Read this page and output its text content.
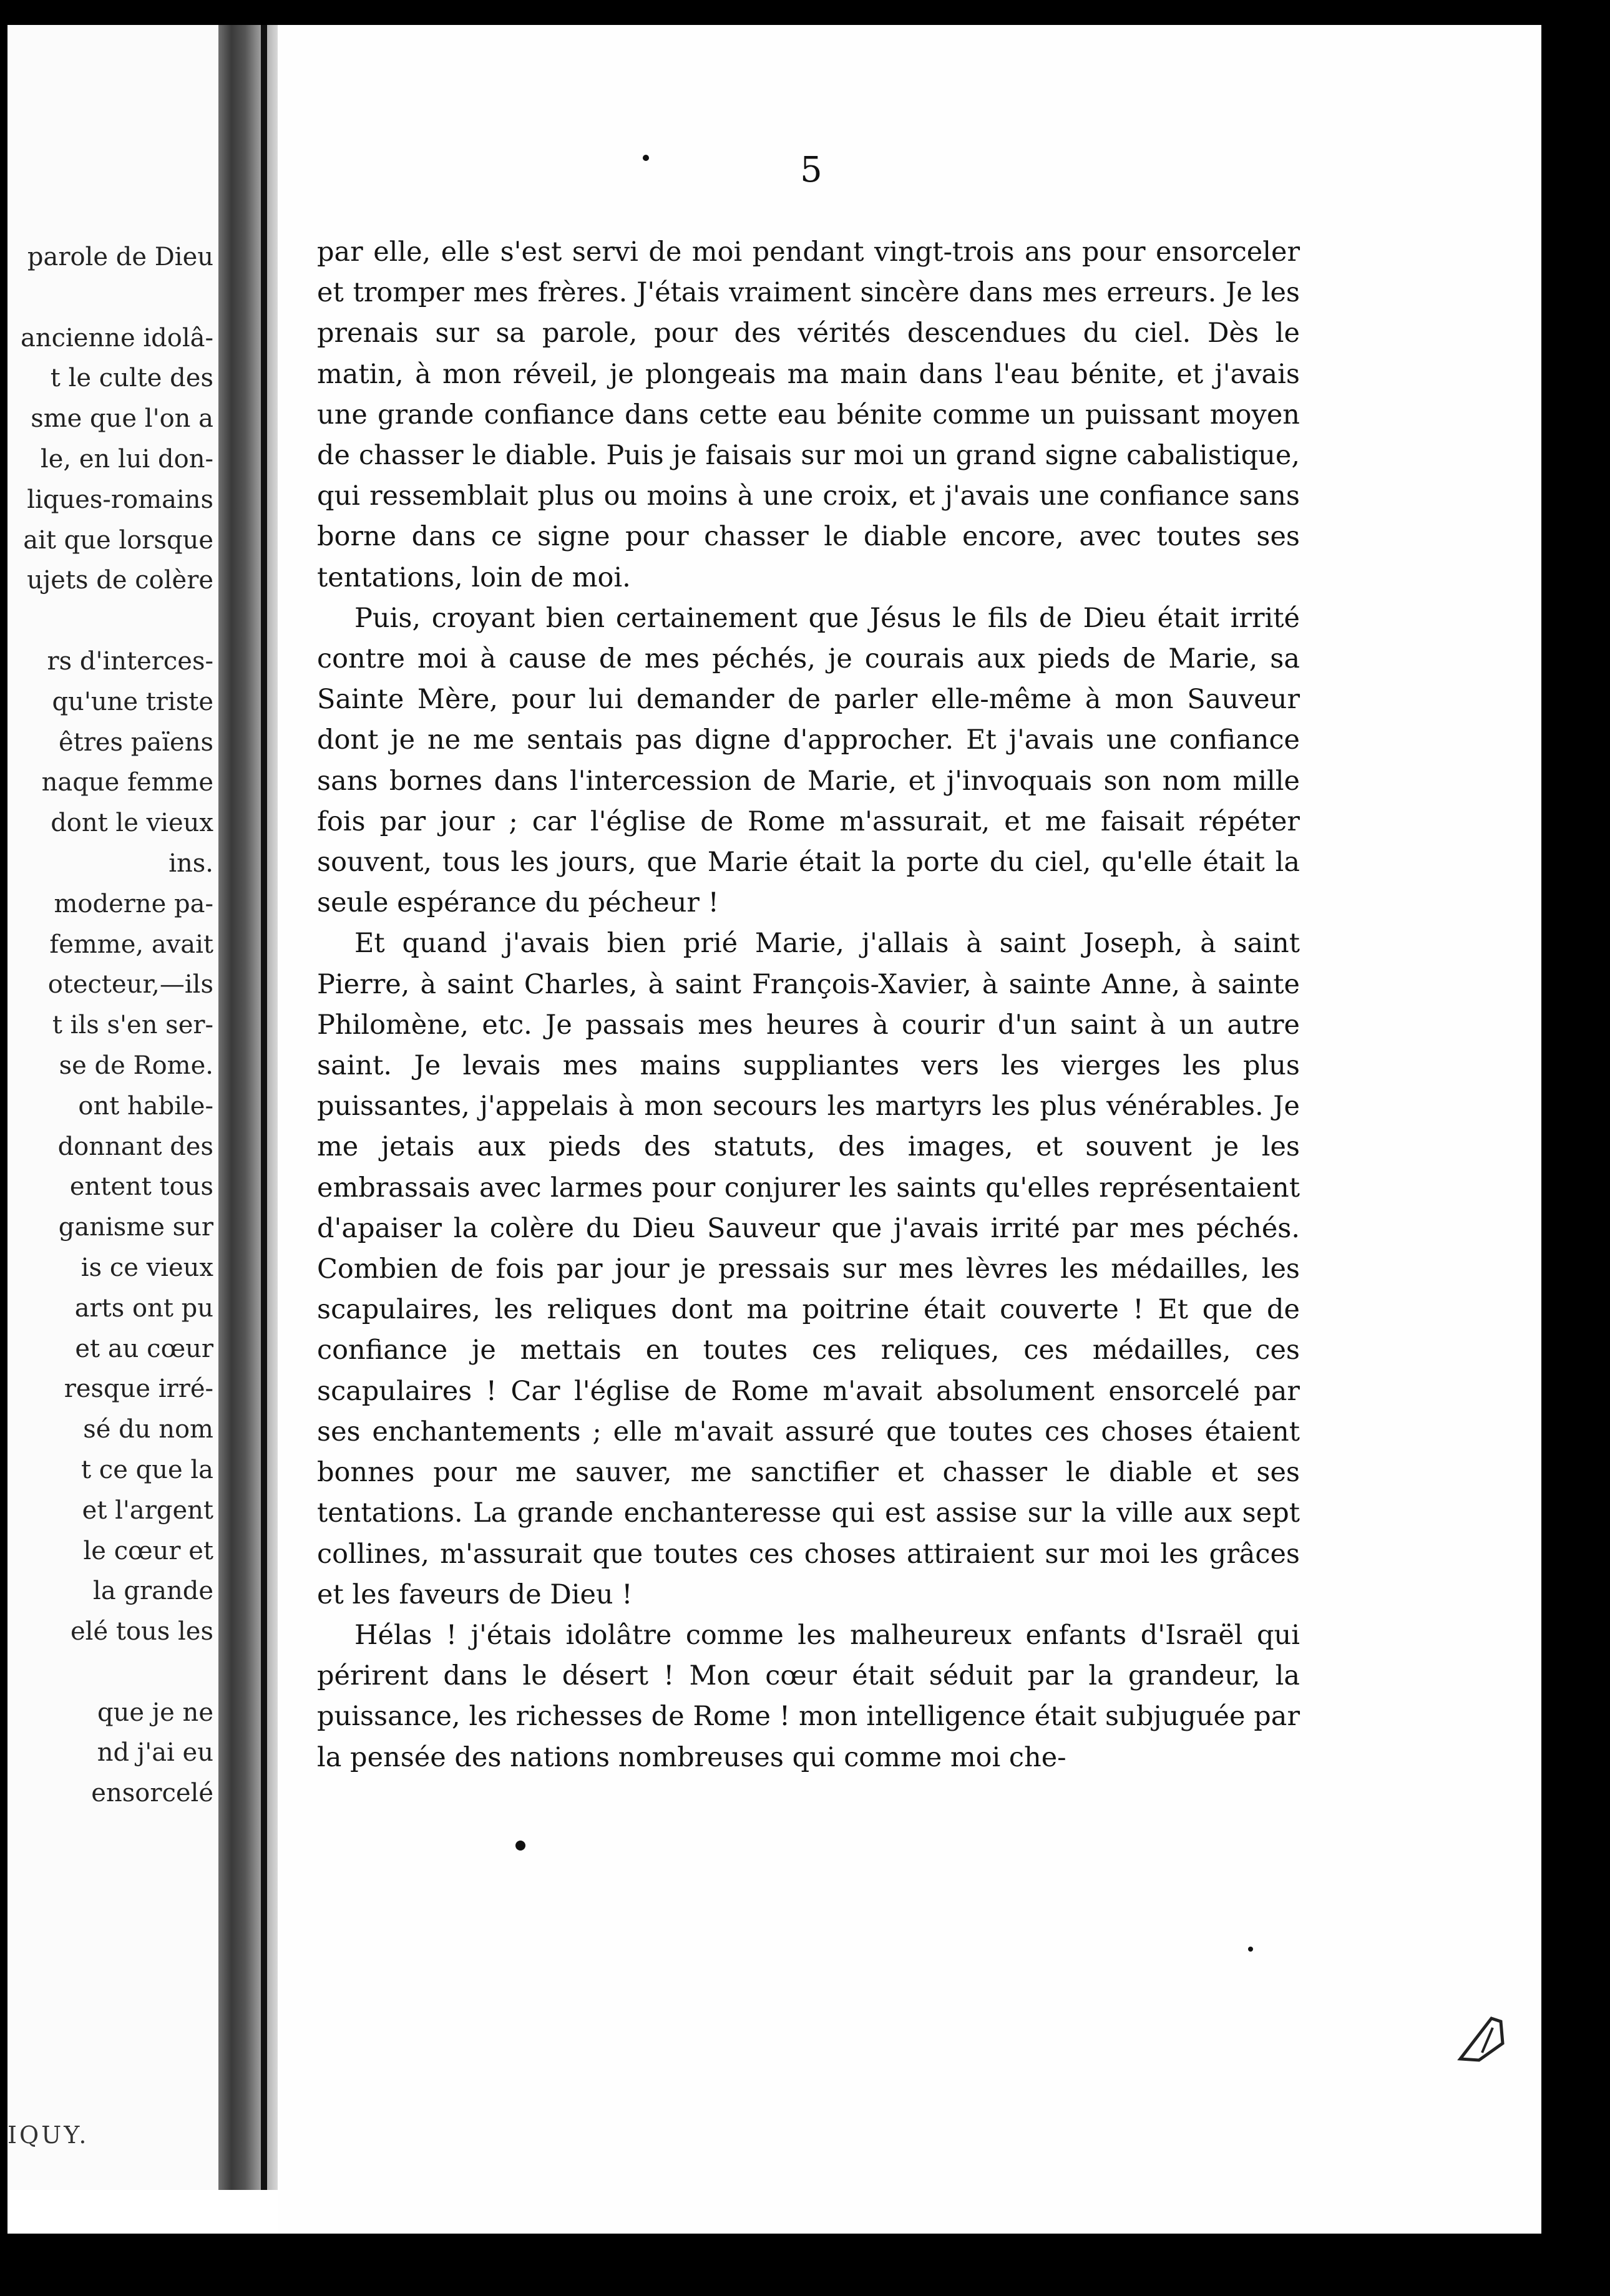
parole de Dieu

ancienne idolâ-
t le culte des
sme que l'on a
le, en lui don-
liques-romains
ait que lorsque
ujets de colère

rs d'interces-
qu'une triste
êtres païens
naque femme
dont le vieux
ins.
moderne pa-
femme, avait
otecteur,—ils
t ils s'en ser-
se de Rome.
ont habile-
donnant des
entent tous
ganisme sur
is ce vieux
arts ont pu
et au cœur
resque irré-
sé du nom
t ce que la
et l'argent
le cœur et
la grande
elé tous les

que je ne
nd j'ai eu
ensorcelé
IQUY.
5

par elle, elle s'est servi de moi pendant vingt-trois ans pour ensorceler et tromper mes frères. J'étais vraiment sincère dans mes erreurs. Je les prenais sur sa parole, pour des vérités descendues du ciel. Dès le matin, à mon réveil, je plongeais ma main dans l'eau bénite, et j'avais une grande confiance dans cette eau bénite comme un puissant moyen de chasser le diable. Puis je faisais sur moi un grand signe cabalistique, qui ressemblait plus ou moins à une croix, et j'avais une confiance sans borne dans ce signe pour chasser le diable encore, avec toutes ses tentations, loin de moi.

Puis, croyant bien certainement que Jésus le fils de Dieu était irrité contre moi à cause de mes péchés, je courais aux pieds de Marie, sa Sainte Mère, pour lui demander de parler elle-même à mon Sauveur dont je ne me sentais pas digne d'approcher. Et j'avais une confiance sans bornes dans l'intercession de Marie, et j'invoquais son nom mille fois par jour ; car l'église de Rome m'assurait, et me faisait répéter souvent, tous les jours, que Marie était la porte du ciel, qu'elle était la seule espérance du pécheur !

Et quand j'avais bien prié Marie, j'allais à saint Joseph, à saint Pierre, à saint Charles, à saint François-Xavier, à sainte Anne, à sainte Philomène, etc. Je passais mes heures à courir d'un saint à un autre saint. Je levais mes mains suppliantes vers les vierges les plus puissantes, j'appelais à mon secours les martyrs les plus vénérables. Je me jetais aux pieds des statuts, des images, et souvent je les embrassais avec larmes pour conjurer les saints qu'elles représentaient d'apaiser la colère du Dieu Sauveur que j'avais irrité par mes péchés. Combien de fois par jour je pressais sur mes lèvres les médailles, les scapulaires, les reliques dont ma poitrine était couverte ! Et que de confiance je mettais en toutes ces reliques, ces médailles, ces scapulaires ! Car l'église de Rome m'avait absolument ensorcelé par ses enchantements ; elle m'avait assuré que toutes ces choses étaient bonnes pour me sauver, me sanctifier et chasser le diable et ses tentations. La grande enchanteresse qui est assise sur la ville aux sept collines, m'assurait que toutes ces choses attiraient sur moi les grâces et les faveurs de Dieu !

Hélas ! j'étais idolâtre comme les malheureux enfants d'Israël qui périrent dans le désert ! Mon cœur était séduit par la grandeur, la puissance, les richesses de Rome ! mon intelligence était subjuguée par la pensée des nations nombreuses qui comme moi che-
